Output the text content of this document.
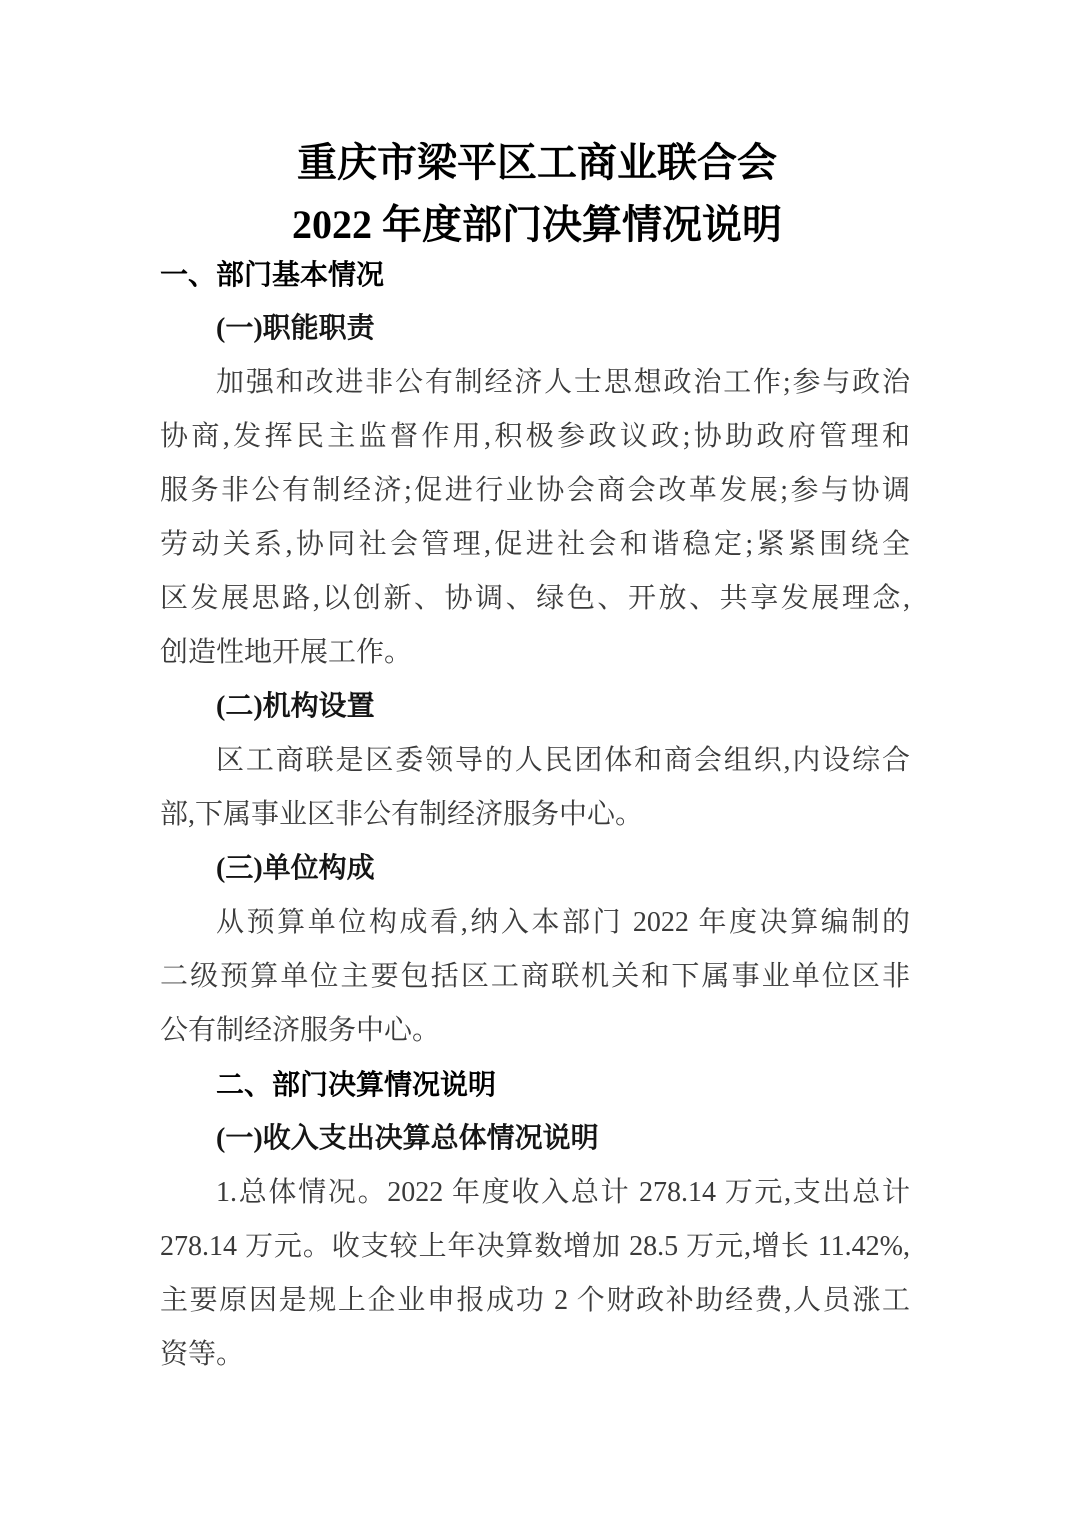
重庆市梁平区工商业联合会
2022 年度部门决算情况说明
一、部门基本情况
(一)职能职责
加强和改进非公有制经济人士思想政治工作;参与政治
协商,发挥民主监督作用,积极参政议政;协助政府管理和
服务非公有制经济;促进行业协会商会改革发展;参与协调
劳动关系,协同社会管理,促进社会和谐稳定;紧紧围绕全
区发展思路,以创新、协调、绿色、开放、共享发展理念,
创造性地开展工作。
(二)机构设置
区工商联是区委领导的人民团体和商会组织,内设综合
部,下属事业区非公有制经济服务中心。
(三)单位构成
从预算单位构成看,纳入本部门 2022 年度决算编制的
二级预算单位主要包括区工商联机关和下属事业单位区非
公有制经济服务中心。
二、部门决算情况说明
(一)收入支出决算总体情况说明
1.总体情况。2022 年度收入总计 278.14 万元,支出总计
278.14 万元。收支较上年决算数增加 28.5 万元,增长 11.42%,
主要原因是规上企业申报成功 2 个财政补助经费,人员涨工
资等。
